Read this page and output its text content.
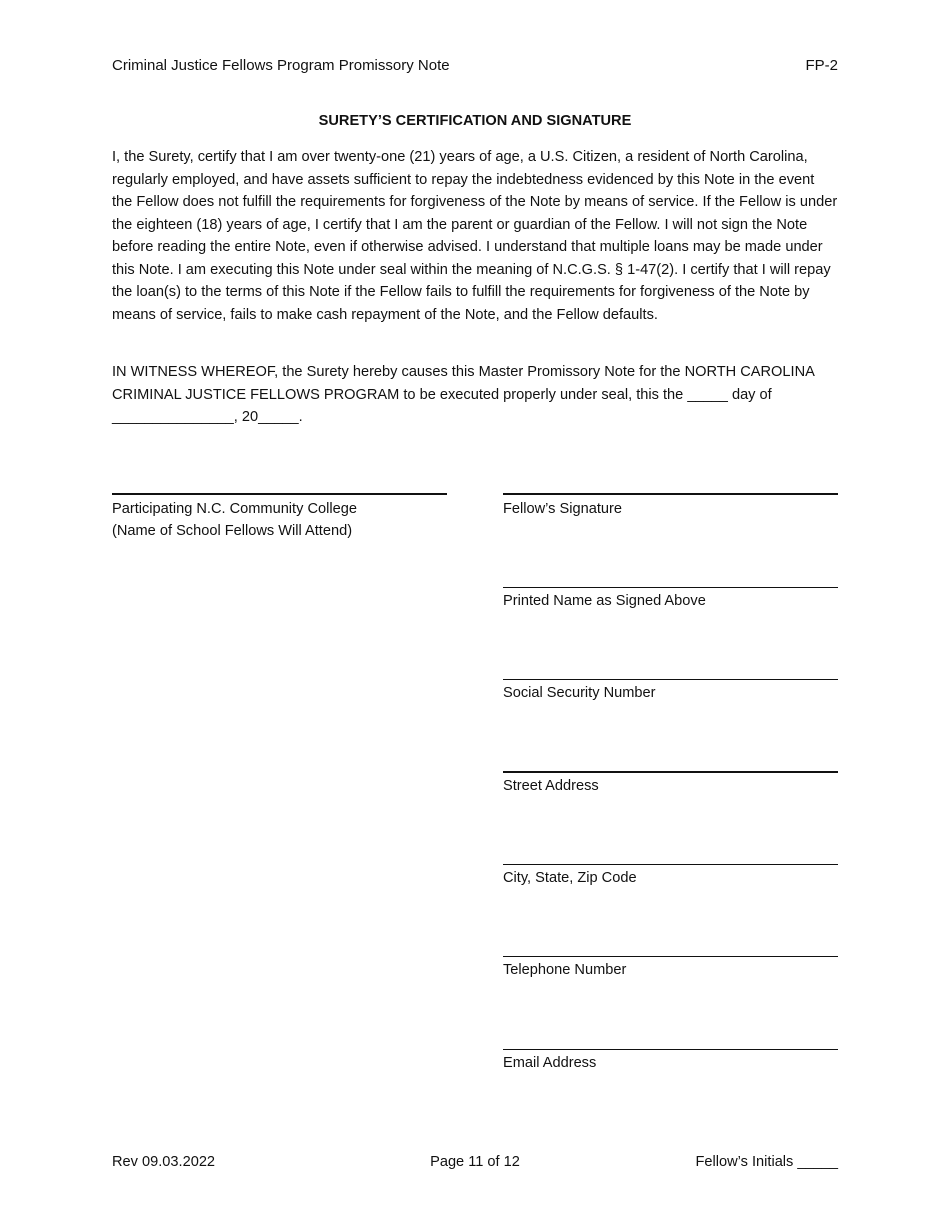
Criminal Justice Fellows Program Promissory Note	FP-2
SURETY’S CERTIFICATION AND SIGNATURE

I, the Surety, certify that I am over twenty-one (21) years of age, a U.S. Citizen, a resident of North Carolina, regularly employed, and have assets sufficient to repay the indebtedness evidenced by this Note in the event the Fellow does not fulfill the requirements for forgiveness of the Note by means of service. If the Fellow is under the eighteen (18) years of age, I certify that I am the parent or guardian of the Fellow. I will not sign the Note before reading the entire Note, even if otherwise advised. I understand that multiple loans may be made under this Note. I am executing this Note under seal within the meaning of N.C.G.S. § 1-47(2). I certify that I will repay the loan(s) to the terms of this Note if the Fellow fails to fulfill the requirements for forgiveness of the Note by means of service, fails to make cash repayment of the Note, and the Fellow defaults.

IN WITNESS WHEREOF, the Surety hereby causes this Master Promissory Note for the NORTH CAROLINA CRIMINAL JUSTICE FELLOWS PROGRAM to be executed properly under seal, this the _____ day of _______________, 20_____.

Participating N.C. Community College
(Name of School Fellows Will Attend)
Fellow’s Signature
Printed Name as Signed Above
Social Security Number
Street Address
City, State, Zip Code
Telephone Number
Email Address
Rev 09.03.2022	Page 11 of 12	Fellow’s Initials _____
